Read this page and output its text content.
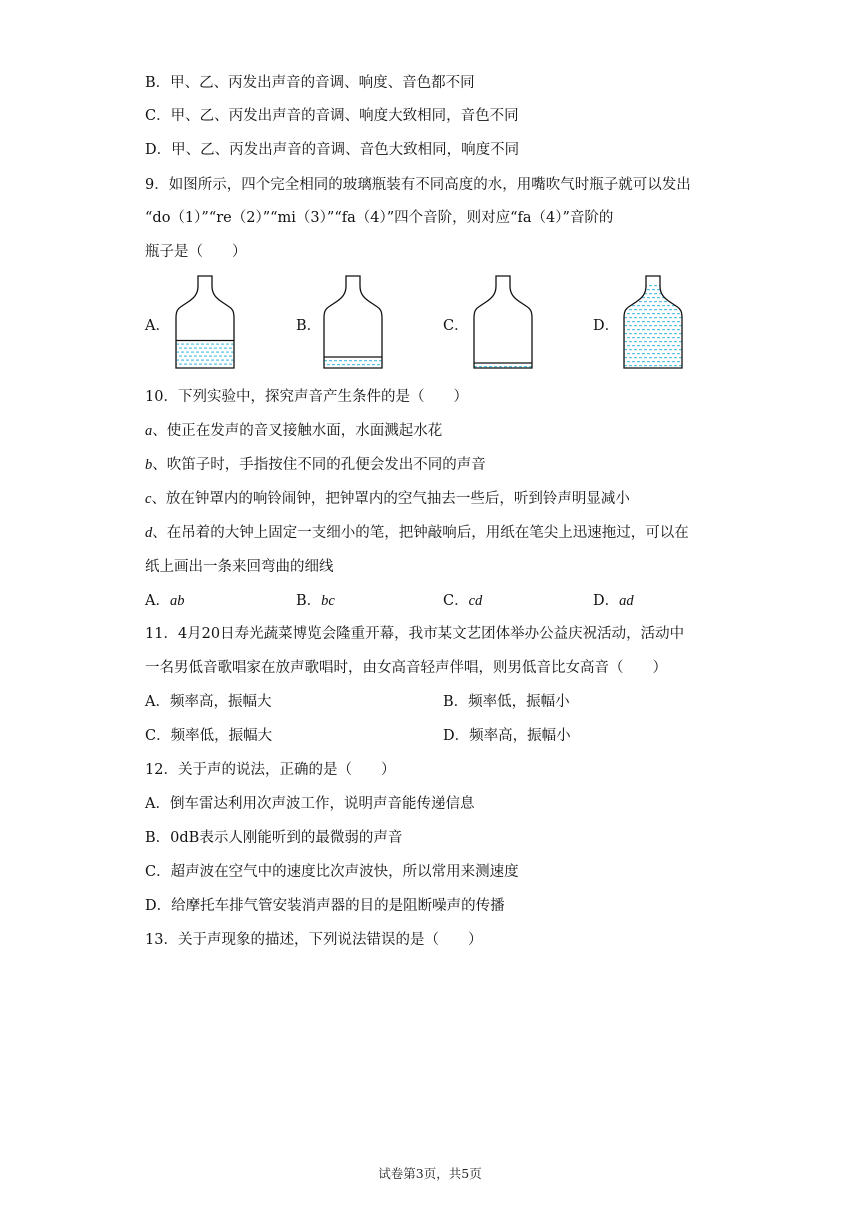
B．甲、乙、丙发出声音的音调、响度、音色都不同
C．甲、乙、丙发出声音的音调、响度大致相同，音色不同
D．甲、乙、丙发出声音的音调、音色大致相同，响度不同
9．如图所示，四个完全相同的玻璃瓶装有不同高度的水，用嘴吹气时瓶子就可以发出
“do（1）”“re（2）”“mi（3）”“fa（4）”四个音阶，则对应“fa（4）”音阶的
瓶子是（　　）
A．	B．	C．	D．
10．下列实验中，探究声音产生条件的是（　　）
a、使正在发声的音叉接触水面，水面溅起水花
b、吹笛子时，手指按住不同的孔便会发出不同的声音
c、放在钟罩内的响铃闹钟，把钟罩内的空气抽去一些后，听到铃声明显减小
d、在吊着的大钟上固定一支细小的笔，把钟敲响后，用纸在笔尖上迅速拖过，可以在
纸上画出一条来回弯曲的细线
A．ab	B．bc	C．cd	D．ad
11．4月20日寿光蔬菜博览会隆重开幕，我市某文艺团体举办公益庆祝活动，活动中
一名男低音歌唱家在放声歌唱时，由女高音轻声伴唱，则男低音比女高音（　　）
A．频率高，振幅大	B．频率低，振幅小
C．频率低，振幅大	D．频率高，振幅小
12．关于声的说法，正确的是（　　）
A．倒车雷达利用次声波工作，说明声音能传递信息
B．0dB表示人刚能听到的最微弱的声音
C．超声波在空气中的速度比次声波快，所以常用来测速度
D．给摩托车排气管安装消声器的目的是阻断噪声的传播
13．关于声现象的描述，下列说法错误的是（　　）
试卷第3页，共5页
